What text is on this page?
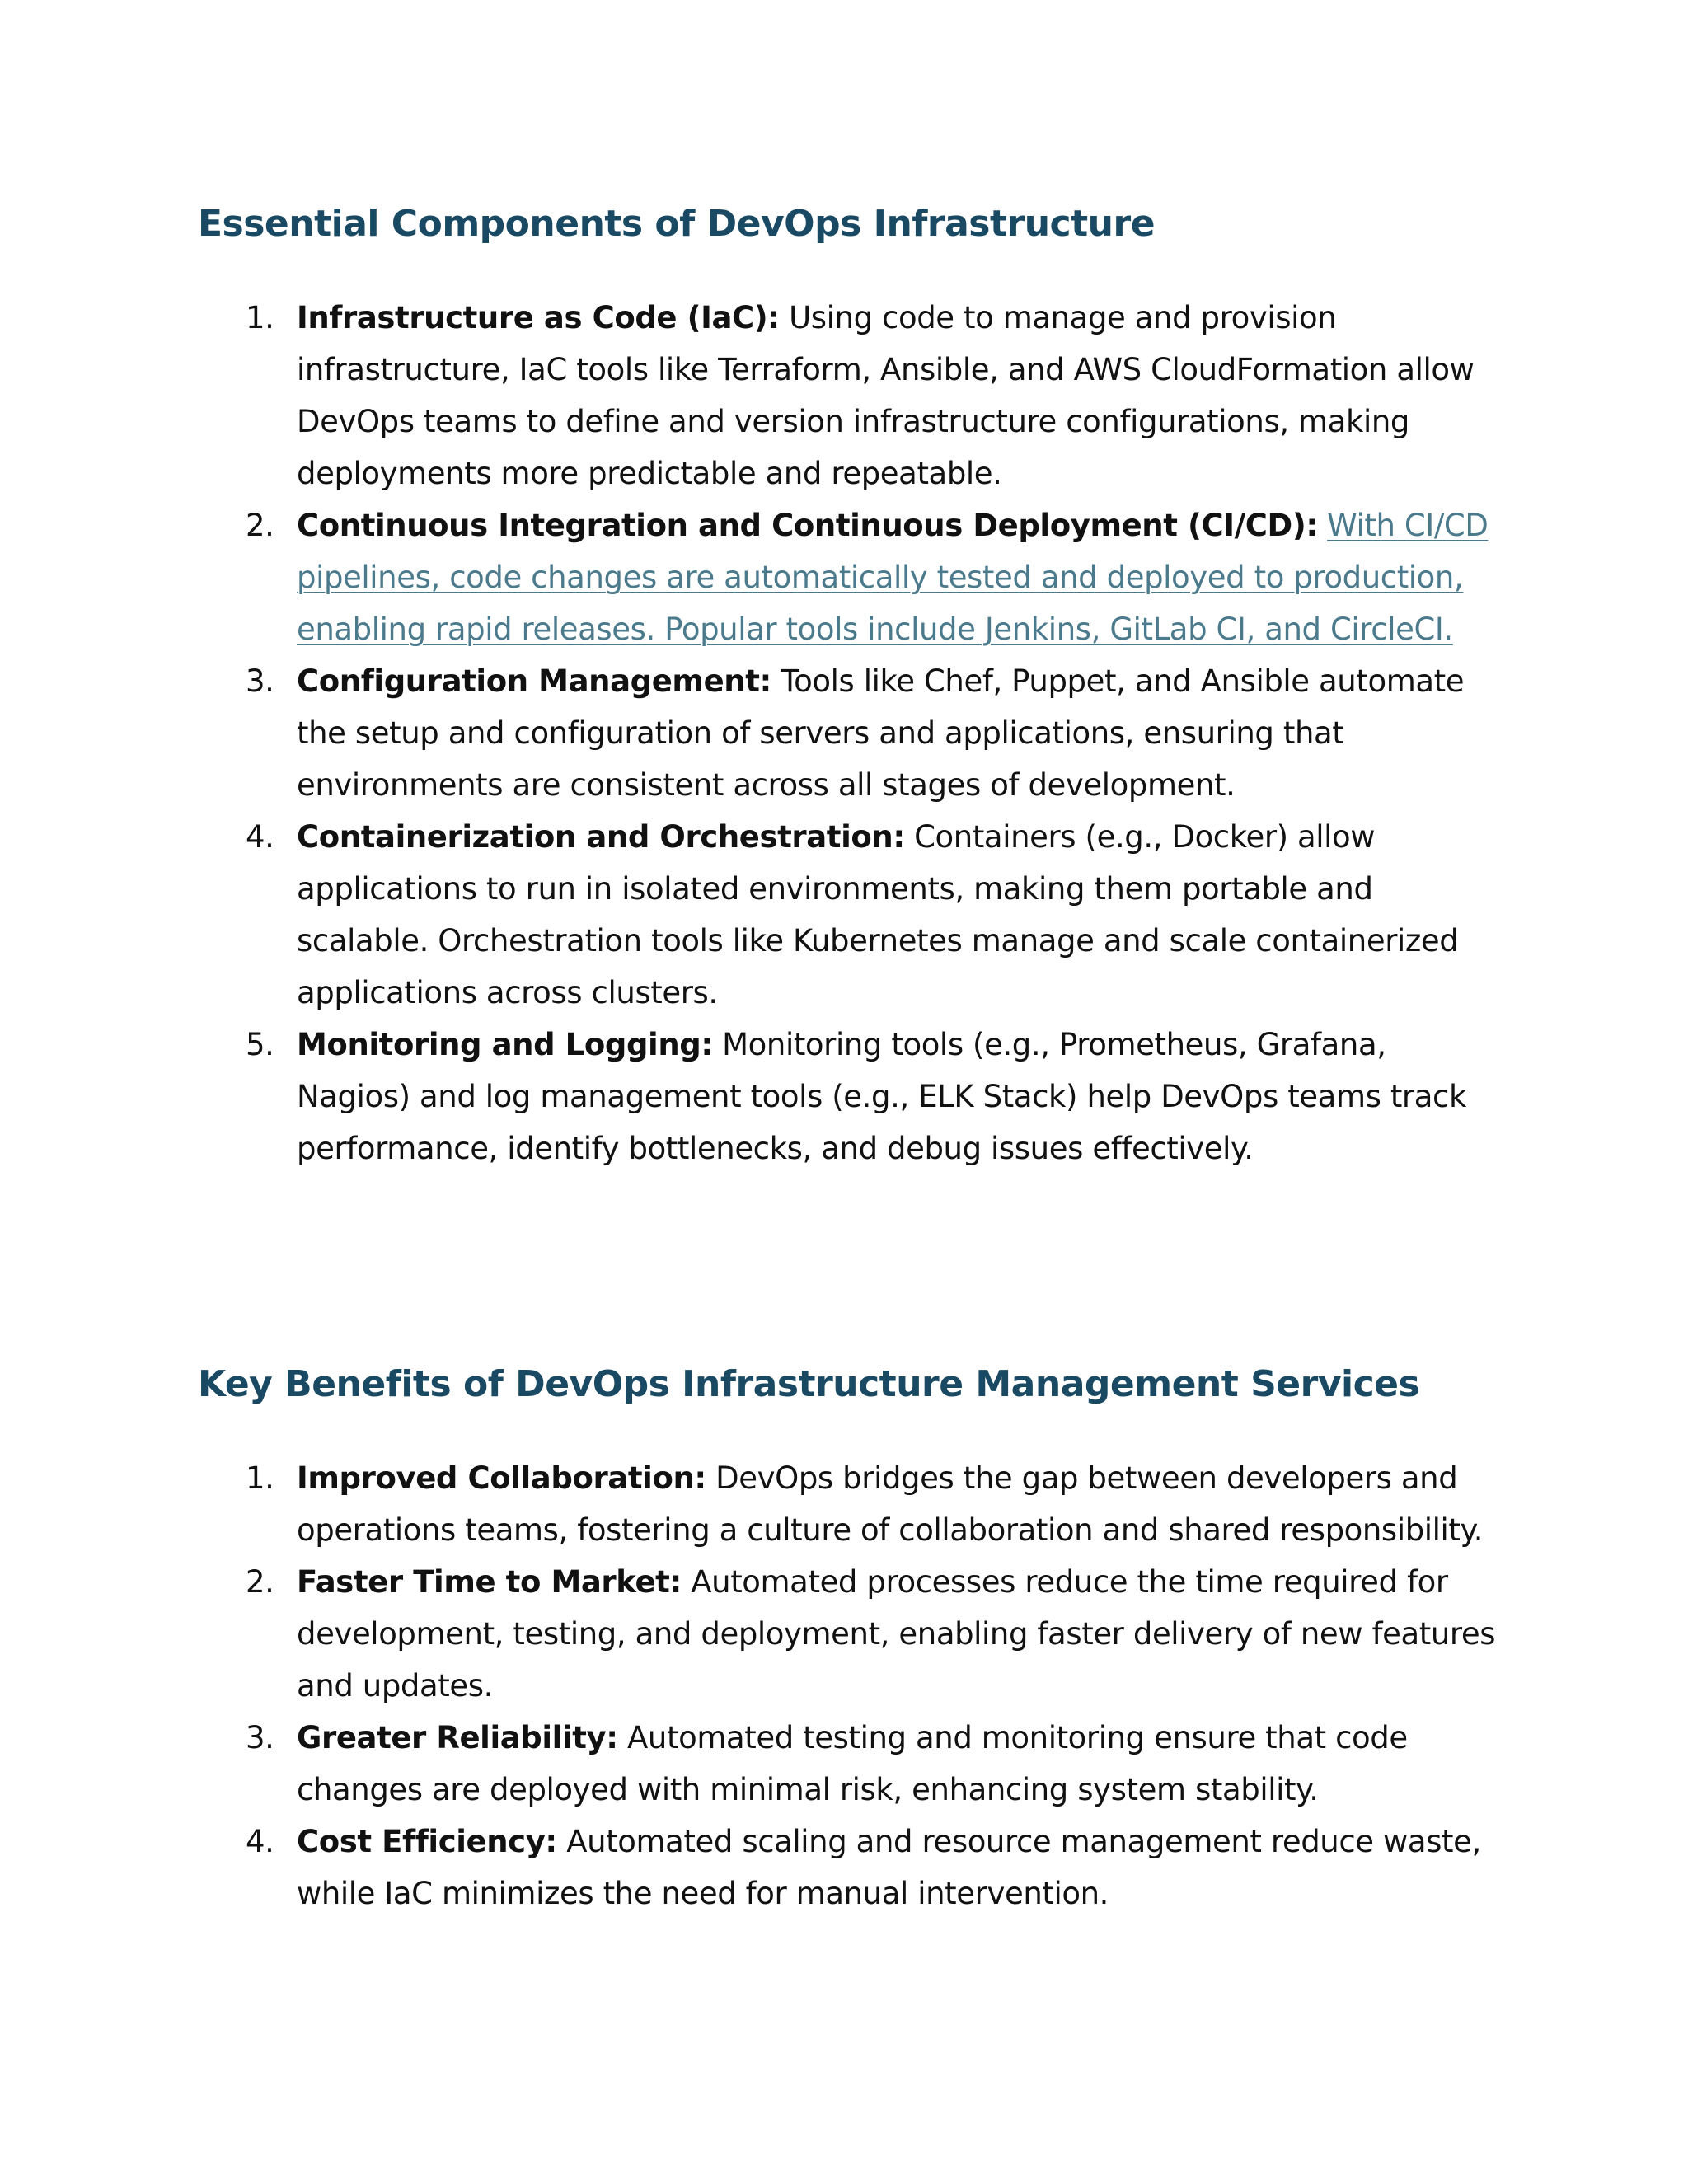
Essential Components of DevOps Infrastructure
1. Infrastructure as Code (IaC): Using code to manage and provision infrastructure, IaC tools like Terraform, Ansible, and AWS CloudFormation allow DevOps teams to define and version infrastructure configurations, making deployments more predictable and repeatable.
2. Continuous Integration and Continuous Deployment (CI/CD): With CI/CD pipelines, code changes are automatically tested and deployed to production, enabling rapid releases. Popular tools include Jenkins, GitLab CI, and CircleCI.
3. Configuration Management: Tools like Chef, Puppet, and Ansible automate the setup and configuration of servers and applications, ensuring that environments are consistent across all stages of development.
4. Containerization and Orchestration: Containers (e.g., Docker) allow applications to run in isolated environments, making them portable and scalable. Orchestration tools like Kubernetes manage and scale containerized applications across clusters.
5. Monitoring and Logging: Monitoring tools (e.g., Prometheus, Grafana, Nagios) and log management tools (e.g., ELK Stack) help DevOps teams track performance, identify bottlenecks, and debug issues effectively.
Key Benefits of DevOps Infrastructure Management Services
1. Improved Collaboration: DevOps bridges the gap between developers and operations teams, fostering a culture of collaboration and shared responsibility.
2. Faster Time to Market: Automated processes reduce the time required for development, testing, and deployment, enabling faster delivery of new features and updates.
3. Greater Reliability: Automated testing and monitoring ensure that code changes are deployed with minimal risk, enhancing system stability.
4. Cost Efficiency: Automated scaling and resource management reduce waste, while IaC minimizes the need for manual intervention.
